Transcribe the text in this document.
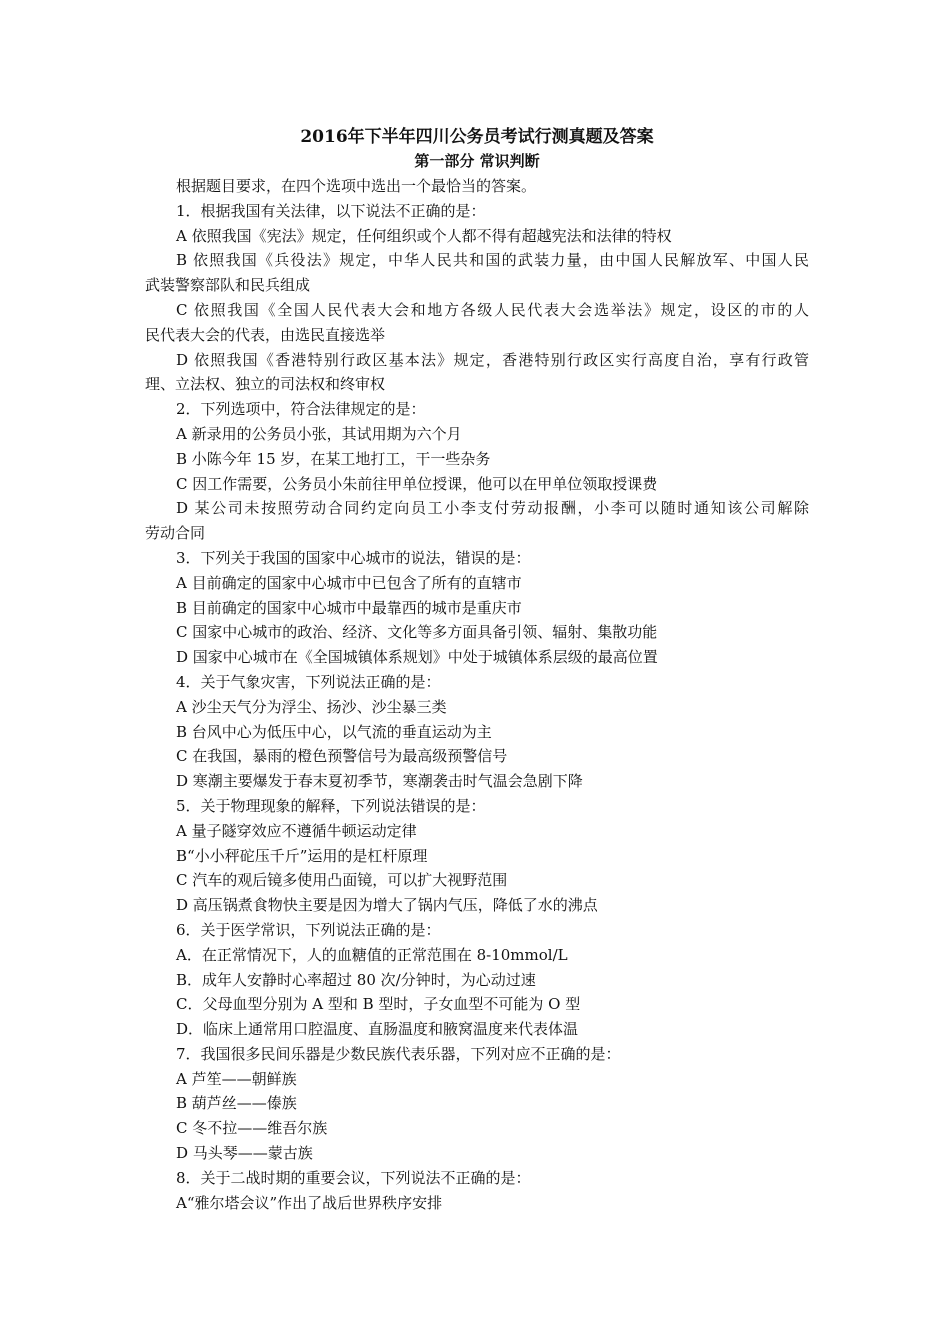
2016年下半年四川公务员考试行测真题及答案

第一部分 常识判断

根据题目要求，在四个选项中选出一个最恰当的答案。

1．根据我国有关法律，以下说法不正确的是：

A 依照我国《宪法》规定，任何组织或个人都不得有超越宪法和法律的特权

B 依照我国《兵役法》规定，中华人民共和国的武装力量，由中国人民解放军、中国人民

武装警察部队和民兵组成

C 依照我国《全国人民代表大会和地方各级人民代表大会选举法》规定，设区的市的人

民代表大会的代表，由选民直接选举

D 依照我国《香港特别行政区基本法》规定，香港特别行政区实行高度自治，享有行政管

理、立法权、独立的司法权和终审权

2．下列选项中，符合法律规定的是：

A 新录用的公务员小张，其试用期为六个月

B 小陈今年 15 岁，在某工地打工，干一些杂务

C 因工作需要，公务员小朱前往甲单位授课，他可以在甲单位领取授课费

D 某公司未按照劳动合同约定向员工小李支付劳动报酬，小李可以随时通知该公司解除

劳动合同

3．下列关于我国的国家中心城市的说法，错误的是：

A 目前确定的国家中心城市中已包含了所有的直辖市

B 目前确定的国家中心城市中最靠西的城市是重庆市

C 国家中心城市的政治、经济、文化等多方面具备引领、辐射、集散功能

D 国家中心城市在《全国城镇体系规划》中处于城镇体系层级的最高位置

4．关于气象灾害，下列说法正确的是：

A 沙尘天气分为浮尘、扬沙、沙尘暴三类

B 台风中心为低压中心，以气流的垂直运动为主

C 在我国，暴雨的橙色预警信号为最高级预警信号

D 寒潮主要爆发于春末夏初季节，寒潮袭击时气温会急剧下降

5．关于物理现象的解释，下列说法错误的是：

A 量子隧穿效应不遵循牛顿运动定律

B“小小秤砣压千斤”运用的是杠杆原理

C 汽车的观后镜多使用凸面镜，可以扩大视野范围

D 高压锅煮食物快主要是因为增大了锅内气压，降低了水的沸点

6．关于医学常识，下列说法正确的是：

A．在正常情况下，人的血糖值的正常范围在 8-10mmol/L

B．成年人安静时心率超过 80 次/分钟时，为心动过速

C．父母血型分别为 A 型和 B 型时，子女血型不可能为 O 型

D．临床上通常用口腔温度、直肠温度和腋窝温度来代表体温

7．我国很多民间乐器是少数民族代表乐器，下列对应不正确的是：

A 芦笙——朝鲜族

B 葫芦丝——傣族

C 冬不拉——维吾尔族

D 马头琴——蒙古族

8．关于二战时期的重要会议，下列说法不正确的是：

A“雅尔塔会议”作出了战后世界秩序安排
